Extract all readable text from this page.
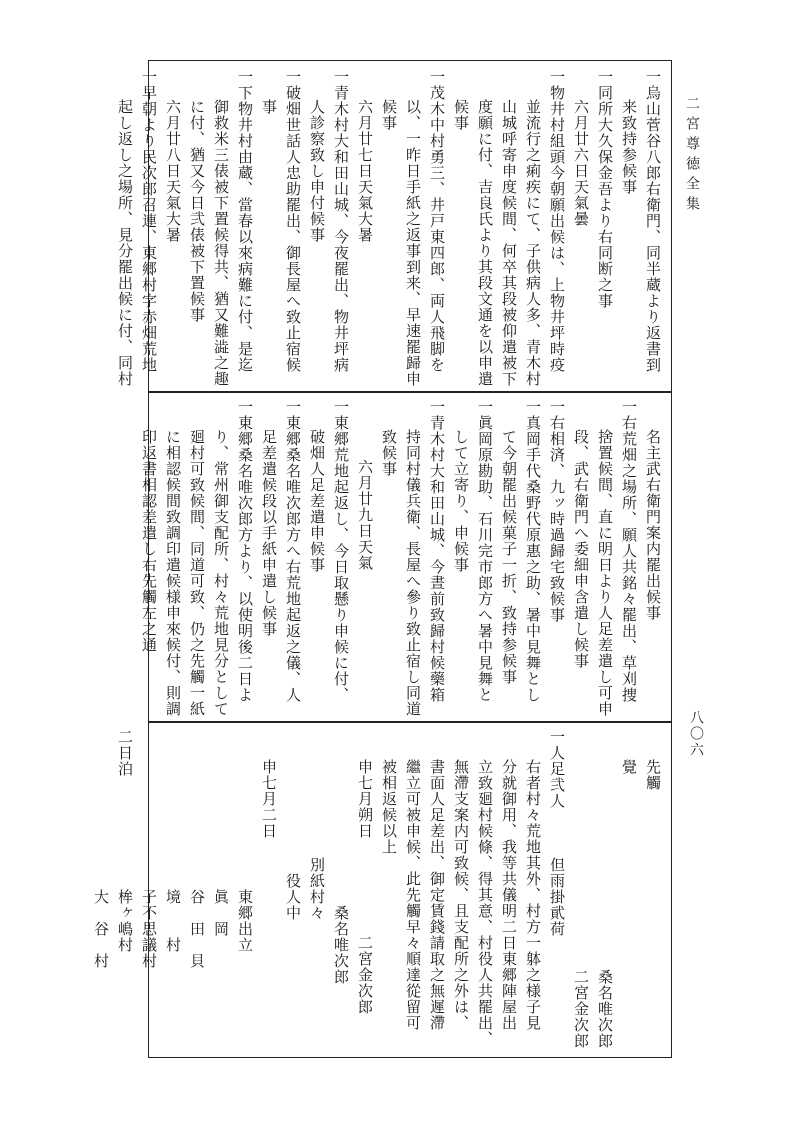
二宮尊徳全集
八〇六

一烏山菅谷八郎右衛門、同半蔵より返書到

来致持参候事

一同所大久保金吾より右同断之事

六月廿六日天氣曇

一物井村組頭今朝願出候は、上物井坪時疫

並流行之痢疾にて、子供病人多、青木村

山城呼寄申度候間、何卒其段被仰遣被下

度願に付、吉良氏より其段文通を以申遣

候事

一茂木中村勇三、井戸東四郎、両人飛脚を

以、一昨日手紙之返事到来、早速罷歸申

候事

六月廿七日天氣大暑

一青木村大和田山城、今夜罷出、物井坪病

人診察致し申付候事

一破畑世話人忠助罷出、御長屋へ致止宿候

事

一下物井村由蔵、當春以來病難に付、是迄

御救米三俵被下置候得共、猶又難澁之趣

に付、猶又今日弐俵被下置候事

六月廿八日天氣大暑

一早朝より民次郎召連、東郷村字赤畑荒地

起し返し之場所、見分罷出候に付、同村

名主武右衛門案内罷出候事

一右荒畑之場所、願人共銘々罷出、草刈捜

捨置候間、直に明日より人足差遣し可申

段、武右衛門へ委細申含遣し候事

一右相済、九ッ時過歸宅致候事

一真岡手代桑野代原惠之助、暑中見舞とし

て今朝罷出候菓子一折、致持参候事

一眞岡原勘助、石川完市郎方へ暑中見舞と

して立寄り、申候事

一青木村大和田山城、今晝前致歸村候藥箱

持同村儀兵衛、長屋へ參り致止宿し同道

致候事

六月廿九日天氣

一東郷荒地起返し、今日取懸り申候に付、

破畑人足差遣申候事

一東郷桑名唯次郎方へ右荒地起返之儀、人

足差遣候段以手紙申遣し候事

一東郷桑名唯次郎方より、以使明後二日よ

り、常州御支配所、村々荒地見分として

廻村可致候間、同道可致、仍之先觸一紙

に相認候間致調印遣候様申來候付、則調

印返書相認差遣し右先觸左之通

先觸

覺

　　　　　　　　　　　　　　　桑名唯次郎

　　　　　　　　　　　　　　　二宮金次郎

一人足弐人　　　但雨掛貮荷

右者村々荒地其外、村方一躰之様子見

分就御用、我等共儀明二日東郷陣屋出

立致廻村候條、得其意、村役人共罷出、

無滯支案内可致候、且支配所之外は、

書面人足差出、御定賃錢請取之無遲滯

繼立可被申候、此先觸早々順達從留可

被相返候以上

申七月朔日　　　　　　二宮金次郎

　　　　　　　　　　　桑名唯次郎

　　　　　　　　別紙村々

　　　　　　　　　役人中

申七月二日

　　　　　　　　　　東郷出立

　　　　　　　　　　眞　岡

　　　　　　　　　　谷　田　貝

　　　　　　　　　　境　　村

　　　　　　　　　　子不思議村

二日泊　　　　　　　桙ヶ嶋村

　　　　　　　　　　大　谷　村
